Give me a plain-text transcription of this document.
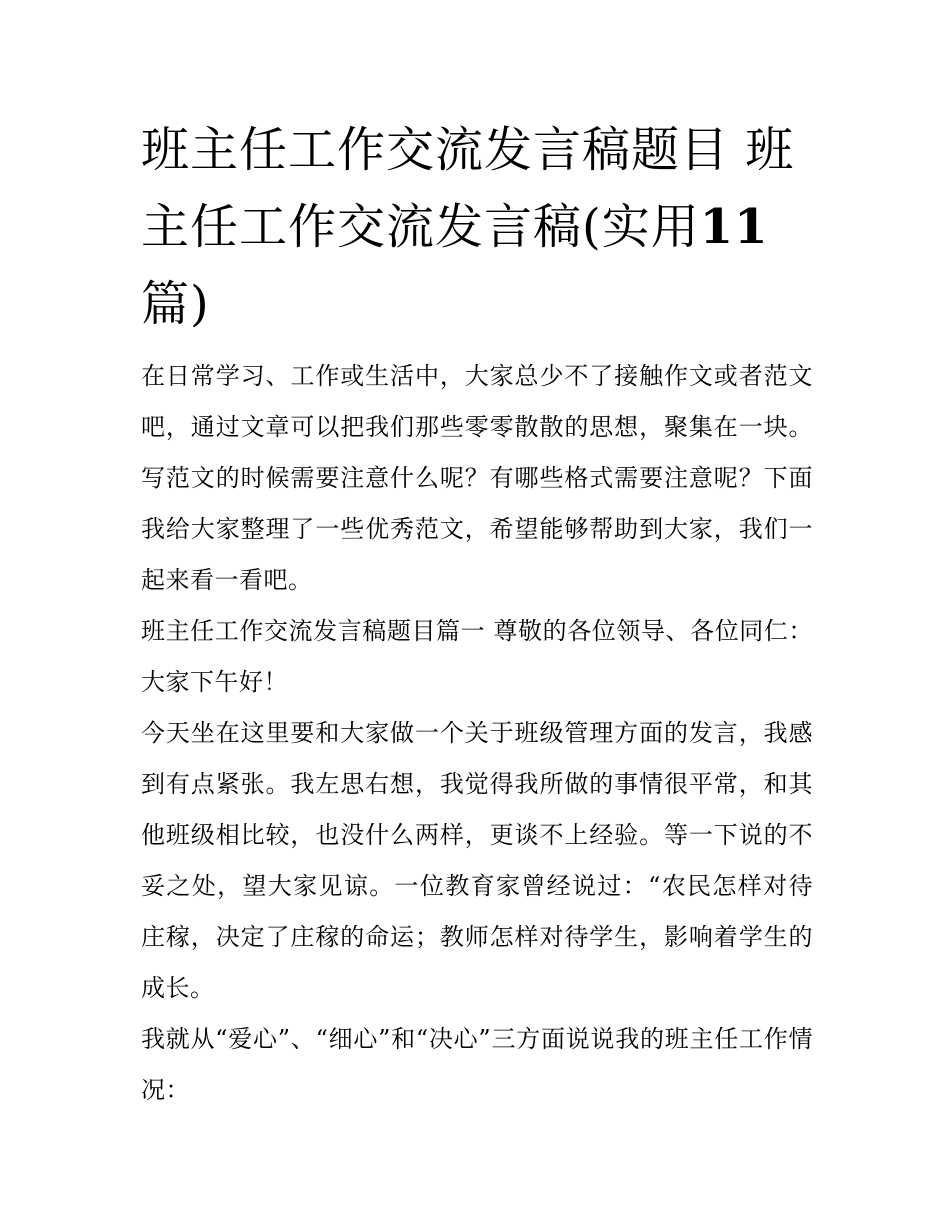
班主任工作交流发言稿题目 班主任工作交流发言稿(实用11
篇)

在日常学习、工作或生活中，大家总少不了接触作文或者范文吧，通过文章可以把我们那些零零散散的思想，聚集在一块。写范文的时候需要注意什么呢？有哪些格式需要注意呢？下面我给大家整理了一些优秀范文，希望能够帮助到大家，我们一起来看一看吧。

班主任工作交流发言稿题目篇一 尊敬的各位领导、各位同仁： 大家下午好！

今天坐在这里要和大家做一个关于班级管理方面的发言，我感到有点紧张。我左思右想，我觉得我所做的事情很平常，和其他班级相比较，也没什么两样，更谈不上经验。等一下说的不妥之处，望大家见谅。一位教育家曾经说过：“农民怎样对待庄稼，决定了庄稼的命运；教师怎样对待学生，影响着学生的成长。

我就从“爱心”、“细心”和“决心”三方面说说我的班主任工作情况：
